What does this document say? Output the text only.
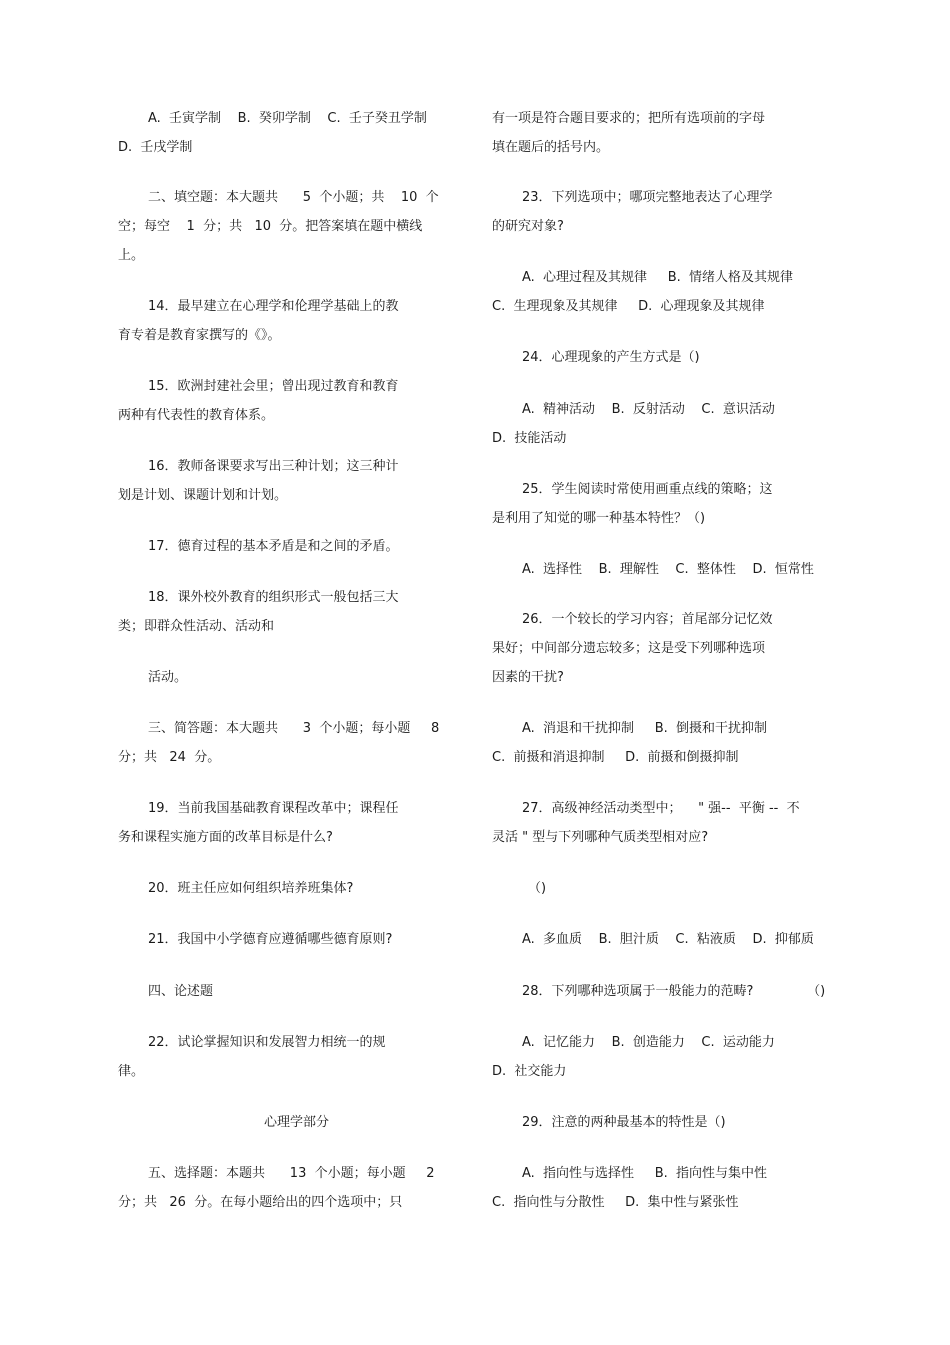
A.  壬寅学制    B.  癸卯学制    C.  壬子癸丑学制

D.  壬戌学制

二、填空题：本大题共      5  个小题；共    10  个

空；每空    1  分；共   10  分。把答案填在题中横线

上。

14．最早建立在心理学和伦理学基础上的教

育专着是教育家撰写的《》。

15．欧洲封建社会里；曾出现过教育和教育

两种有代表性的教育体系。

16．教师备课要求写出三种计划；这三种计

划是计划、课题计划和计划。

17．德育过程的基本矛盾是和之间的矛盾。

18．课外校外教育的组织形式一般包括三大

类；即群众性活动、活动和

活动。

三、简答题：本大题共      3  个小题；每小题     8

分；共   24  分。

19．当前我国基础教育课程改革中；课程任

务和课程实施方面的改革目标是什么?

20．班主任应如何组织培养班集体?

21．我国中小学德育应遵循哪些德育原则?

四、论述题

22．试论掌握知识和发展智力相统一的规

律。

心理学部分

五、选择题：本题共      13  个小题；每小题     2

分；共   26  分。在每小题给出的四个选项中；只

有一项是符合题目要求的；把所有选项前的字母

填在题后的括号内。

23．下列选项中；哪项完整地表达了心理学

的研究对象?

A.  心理过程及其规律     B.  情绪人格及其规律

C.  生理现象及其规律     D.  心理现象及其规律

24．心理现象的产生方式是（)

A.  精神活动    B.  反射活动    C.  意识活动

D.  技能活动

25．学生阅读时常使用画重点线的策略；这

是利用了知觉的哪一种基本特性？（)

A.  选择性    B.  理解性    C.  整体性    D.  恒常性

26．一个较长的学习内容；首尾部分记忆效

果好；中间部分遗忘较多；这是受下列哪种选项

因素的干扰?

A.  消退和干扰抑制     B.  倒摄和干扰抑制

C.  前摄和消退抑制     D.  前摄和倒摄抑制

27．高级神经活动类型中；    " 强--  平衡 --  不

灵活 " 型与下列哪种气质类型相对应?

（)

A.  多血质    B.  胆汁质    C.  粘液质    D.  抑郁质

28．下列哪种选项属于一般能力的范畴?             （)

A.  记忆能力    B.  创造能力    C.  运动能力

D.  社交能力

29．注意的两种最基本的特性是（)

A.  指向性与选择性     B.  指向性与集中性

C.  指向性与分散性     D.  集中性与紧张性
